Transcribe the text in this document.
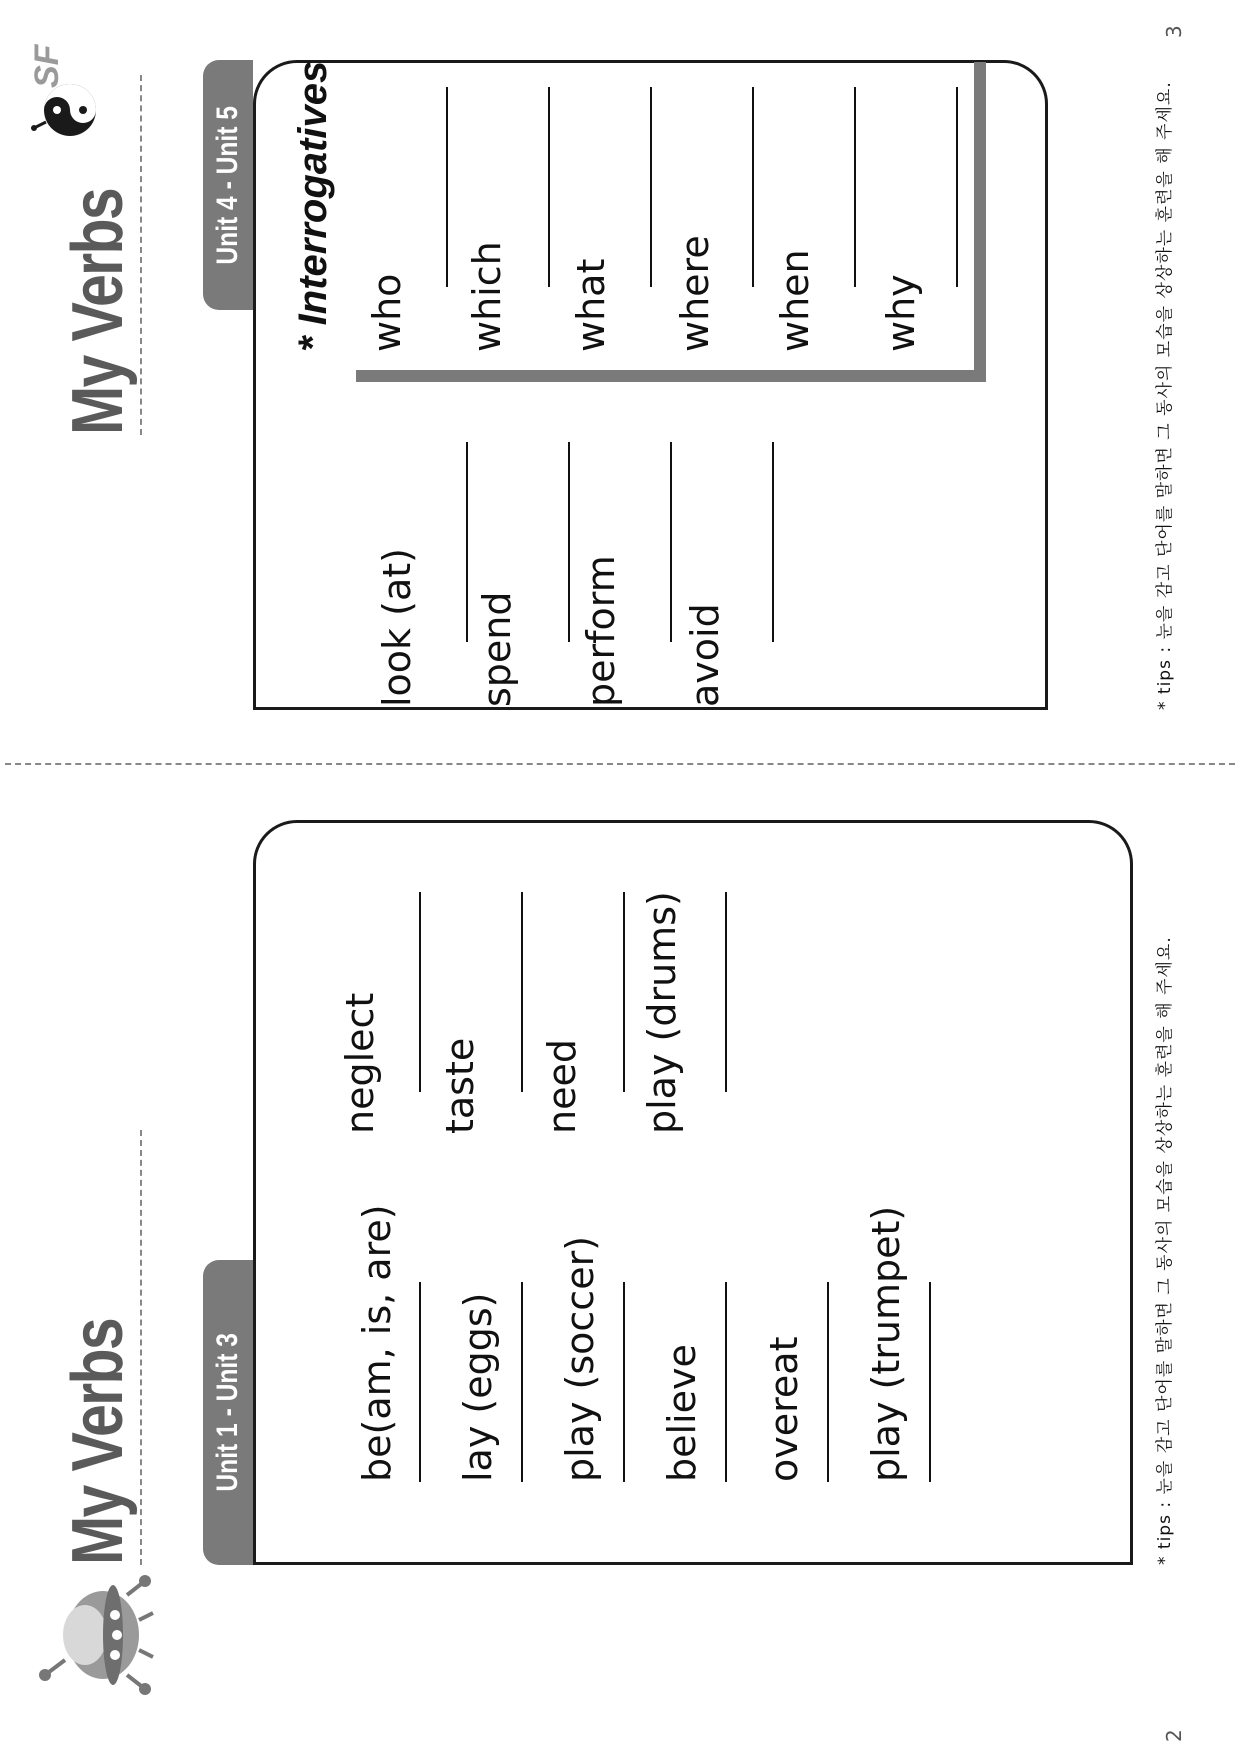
2
My Verbs Unit 1 - Unit 3	be(am, is, are) lay (eggs) play (soccer) believe overeat play (trumpet)
neglect taste need play (drums)	* tips : 눈을 감고 단어를 말하면 그 동사의 모습을 상상하는 훈련을 해 주세요.
3
My Verbs
SF
Unit 4 - Unit 5
look (at) spend perform avoid
* Interrogatives who which what where when why	* tips : 눈을 감고 단어를 말하면 그 동사의 모습을 상상하는 훈련을 해 주세요.
